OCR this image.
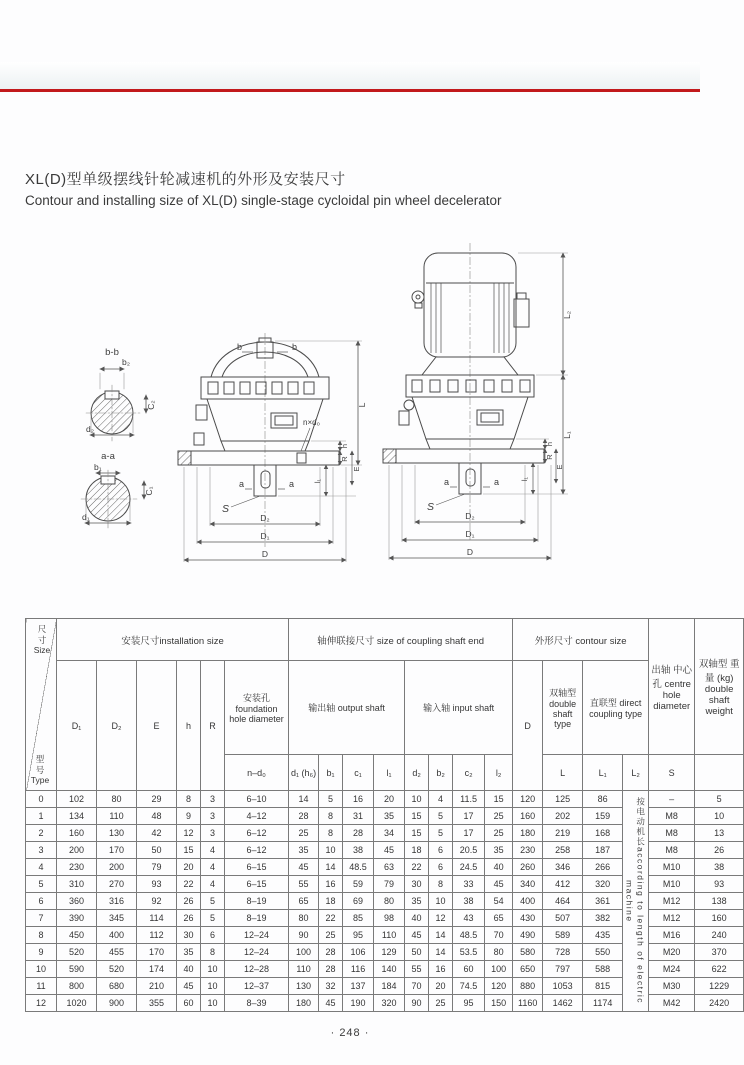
XL(D)型单级摆线针轮减速机的外形及安装尺寸

Contour and installing size of XL(D) single-stage cycloidal pin wheel decelerator

b-b
b₂
C₂
d₂
a-a
b₁
C₁
d₁
b	b
n×d₀
a	a
S
D₂
D₁
D
L
l₁
h
R
E
a	a
S
D₂
D₁
D
L₂
L₁
l₁
h
R
E
尺寸
Size
型号
Type	安装尺寸installation size						轴伸联接尺寸 size of coupling shaft end								外形尺寸 contour size				出轴 中心孔 centre hole diameter	双轴型 重量 (kg) double shaft weight
	D₁	D₂	E	h	R	安装孔 foundation hole diameter	输出轴 output shaft				输入轴 input shaft				D	双轴型 double shaft type	直联型 direct coupling type			
						n–d₀	d₁ (h₆)	b₁	c₁	l₁	d₂	b₂	c₂	l₂		L	L₁	L₂	S	
0	102	80	29	8	3	6–10	14	5	16	20	10	4	11.5	15	120	125	86	按电动机长according to length of electric machine	–	5
1	134	110	48	9	3	4–12	28	8	31	35	15	5	17	25	160	202	159		M8	10
2	160	130	42	12	3	6–12	25	8	28	34	15	5	17	25	180	219	168		M8	13
3	200	170	50	15	4	6–12	35	10	38	45	18	6	20.5	35	230	258	187		M8	26
4	230	200	79	20	4	6–15	45	14	48.5	63	22	6	24.5	40	260	346	266		M10	38
5	310	270	93	22	4	6–15	55	16	59	79	30	8	33	45	340	412	320		M10	93
6	360	316	92	26	5	8–19	65	18	69	80	35	10	38	54	400	464	361		M12	138
7	390	345	114	26	5	8–19	80	22	85	98	40	12	43	65	430	507	382		M12	160
8	450	400	112	30	6	12–24	90	25	95	110	45	14	48.5	70	490	589	435		M16	240
9	520	455	170	35	8	12–24	100	28	106	129	50	14	53.5	80	580	728	550		M20	370
10	590	520	174	40	10	12–28	110	28	116	140	55	16	60	100	650	797	588		M24	622
11	800	680	210	45	10	12–37	130	32	137	184	70	20	74.5	120	880	1053	815		M30	1229
12	1020	900	355	60	10	8–39	180	45	190	320	90	25	95	150	1160	1462	1174		M42	2420
· 248 ·
